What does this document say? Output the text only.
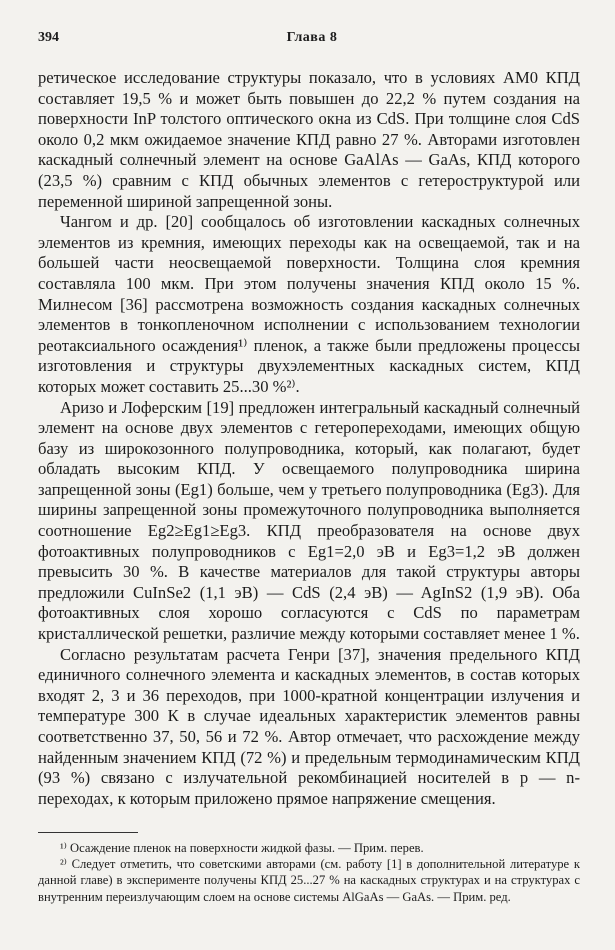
394	Глава 8

ретическое исследование структуры показало, что в условиях АМ0 КПД составляет 19,5 % и может быть повышен до 22,2 % путем создания на поверхности InP толстого оптического окна из CdS. При толщине слоя CdS около 0,2 мкм ожидаемое значение КПД равно 27 %. Авторами изготовлен каскадный солнечный элемент на основе GaAlAs — GaAs, КПД которого (23,5 %) сравним с КПД обычных элементов с гетероструктурой или переменной шириной запрещенной зоны.

Чангом и др. [20] сообщалось об изготовлении каскадных солнечных элементов из кремния, имеющих переходы как на освещаемой, так и на большей части неосвещаемой поверхности. Толщина слоя кремния составляла 100 мкм. При этом получены значения КПД около 15 %. Милнесом [36] рассмотрена возможность создания каскадных солнечных элементов в тонкопленочном исполнении с использованием технологии реотаксиального осаждения¹⁾ пленок, а также были предложены процессы изготовления и структуры двухэлементных каскадных систем, КПД которых может составить 25...30 %²⁾.

Аризо и Лоферским [19] предложен интегральный каскадный солнечный элемент на основе двух элементов с гетеропереходами, имеющих общую базу из широкозонного полупроводника, который, как полагают, будет обладать высоким КПД. У освещаемого полупроводника ширина запрещенной зоны (Eg1) больше, чем у третьего полупроводника (Eg3). Для ширины запрещенной зоны промежуточного полупроводника выполняется соотношение Eg2≥Eg1≥Eg3. КПД преобразователя на основе двух фотоактивных полупроводников с Eg1=2,0 эВ и Eg3=1,2 эВ должен превысить 30 %. В качестве материалов для такой структуры авторы предложили CuInSe2 (1,1 эВ) — CdS (2,4 эВ) — AgInS2 (1,9 эВ). Оба фотоактивных слоя хорошо согласуются с CdS по параметрам кристаллической решетки, различие между которыми составляет менее 1 %.

Согласно результатам расчета Генри [37], значения предельного КПД единичного солнечного элемента и каскадных элементов, в состав которых входят 2, 3 и 36 переходов, при 1000-кратной концентрации излучения и температуре 300 К в случае идеальных характеристик элементов равны соответственно 37, 50, 56 и 72 %. Автор отмечает, что расхождение между найденным значением КПД (72 %) и предельным термодинамическим КПД (93 %) связано с излучательной рекомбинацией носителей в p — n-переходах, к которым приложено прямое напряжение смещения.

¹⁾ Осаждение пленок на поверхности жидкой фазы. — Прим. перев.

²⁾ Следует отметить, что советскими авторами (см. работу [1] в дополнительной литературе к данной главе) в эксперименте получены КПД 25...27 % на каскадных структурах и на структурах с внутренним переизлучающим слоем на основе системы AlGaAs — GaAs. — Прим. ред.
